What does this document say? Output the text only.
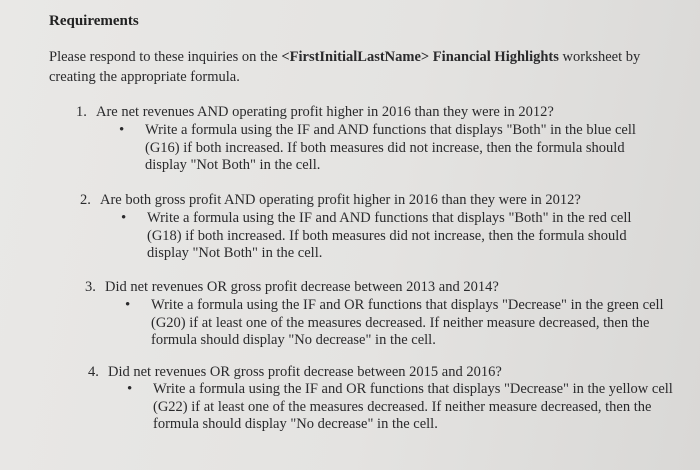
Requirements
Please respond to these inquiries on the <FirstInitialLastName> Financial Highlights worksheet by creating the appropriate formula.
1. Are net revenues AND operating profit higher in 2016 than they were in 2012?
• Write a formula using the IF and AND functions that displays "Both" in the blue cell
(G16) if both increased. If both measures did not increase, then the formula should
display "Not Both" in the cell.
2. Are both gross profit AND operating profit higher in 2016 than they were in 2012?
• Write a formula using the IF and AND functions that displays "Both" in the red cell
(G18) if both increased. If both measures did not increase, then the formula should
display "Not Both" in the cell.
3. Did net revenues OR gross profit decrease between 2013 and 2014?
• Write a formula using the IF and OR functions that displays "Decrease" in the green cell
(G20) if at least one of the measures decreased. If neither measure decreased, then the
formula should display "No decrease" in the cell.
4. Did net revenues OR gross profit decrease between 2015 and 2016?
• Write a formula using the IF and OR functions that displays "Decrease" in the yellow cell
(G22) if at least one of the measures decreased. If neither measure decreased, then the
formula should display "No decrease" in the cell.
